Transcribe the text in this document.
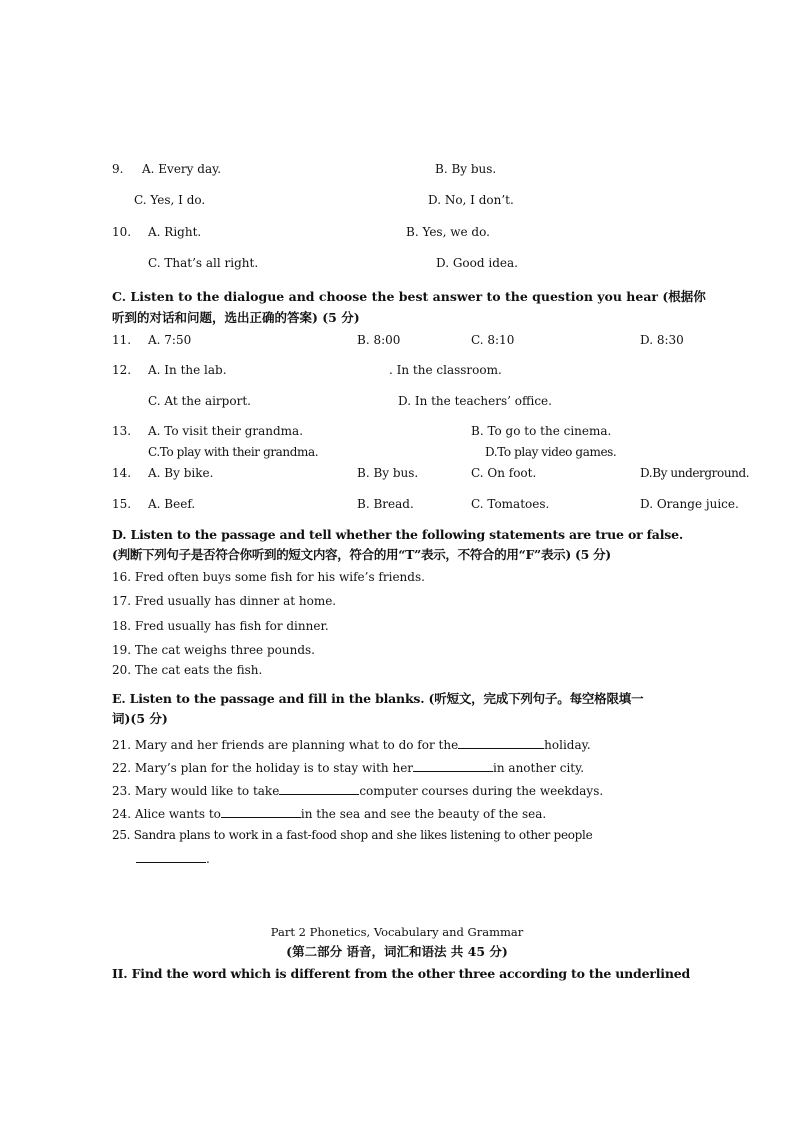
9. A. Every day.	B. By bus.
C. Yes, I do.	D. No, I don’t.
10. A. Right.	B. Yes, we do.
C. That’s all right.	D. Good idea.
C. Listen to the dialogue and choose the best answer to the question you hear (根据你
听到的对话和问题，选出正确的答案) (5 分)
11. A. 7:50	B. 8:00	C. 8:10	D. 8:30
12. A. In the lab.	. In the classroom.
C. At the airport.	D. In the teachers’ office.
13. A. To visit their grandma.	B. To go to the cinema.
C.To play with their grandma.	D.To play video games.
14. A. By bike.	B. By bus.	C. On foot.	D.By underground.
15. A. Beef.	B. Bread.	C. Tomatoes.	D. Orange juice.
D. Listen to the passage and tell whether the following statements are true or false.
(判断下列句子是否符合你听到的短文内容，符合的用“T”表示，不符合的用“F”表示) (5 分)
16. Fred often buys some fish for his wife’s friends.
17. Fred usually has dinner at home.
18. Fred usually has fish for dinner.
19. The cat weighs three pounds.
20. The cat eats the fish.
E. Listen to the passage and fill in the blanks. (听短文，完成下列句子。每空格限填一
词)(5 分)
21. Mary and her friends are planning what to do for the	holiday.
22. Mary’s plan for the holiday is to stay with her	in another city.
23. Mary would like to take	computer courses during the weekdays.
24. Alice wants to	in the sea and see the beauty of the sea.
25. Sandra plans to work in a fast-food shop and she likes listening to other people
.
Part 2 Phonetics, Vocabulary and Grammar
(第二部分 语音，词汇和语法 共 45 分)
II. Find the word which is different from the other three according to the underlined
